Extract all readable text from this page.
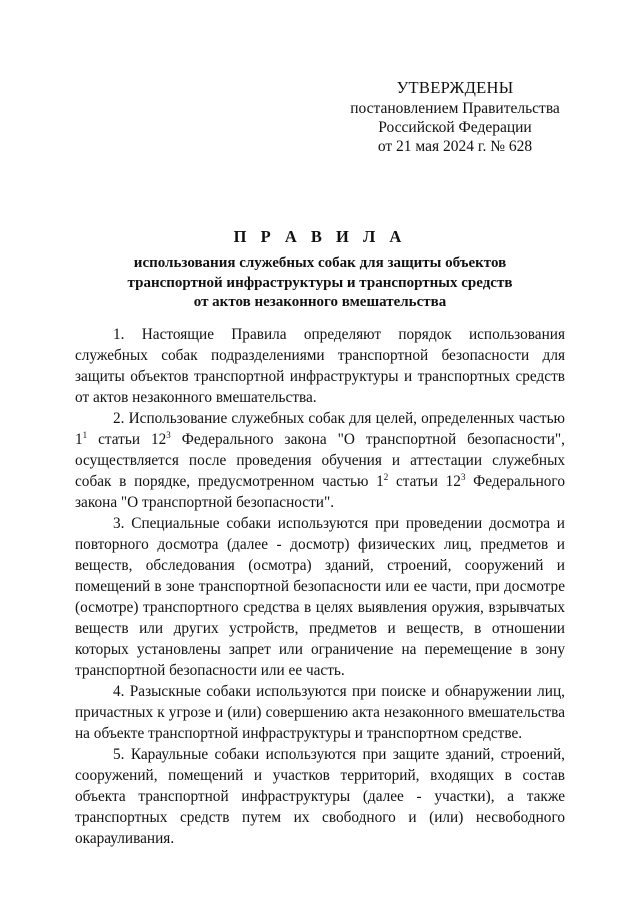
УТВЕРЖДЕНЫ
постановлением Правительства
Российской Федерации
от 21 мая 2024 г. № 628
П Р А В И Л А
использования служебных собак для защиты объектов
транспортной инфраструктуры и транспортных средств
от актов незаконного вмешательства

1. Настоящие Правила определяют порядок использования служебных собак подразделениями транспортной безопасности для защиты объектов транспортной инфраструктуры и транспортных средств от актов незаконного вмешательства.

2. Использование служебных собак для целей, определенных частью $1^1$ статьи $12^3$ Федерального закона "О транспортной безопасности", осуществляется после проведения обучения и аттестации служебных собак в порядке, предусмотренном частью $1^2$ статьи $12^3$ Федерального закона "О транспортной безопасности".

3. Специальные собаки используются при проведении досмотра и повторного досмотра (далее - досмотр) физических лиц, предметов и веществ, обследования (осмотра) зданий, строений, сооружений и помещений в зоне транспортной безопасности или ее части, при досмотре (осмотре) транспортного средства в целях выявления оружия, взрывчатых веществ или других устройств, предметов и веществ, в отношении которых установлены запрет или ограничение на перемещение в зону транспортной безопасности или ее часть.

4. Разыскные собаки используются при поиске и обнаружении лиц, причастных к угрозе и (или) совершению акта незаконного вмешательства на объекте транспортной инфраструктуры и транспортном средстве.

5. Караульные собаки используются при защите зданий, строений, сооружений, помещений и участков территорий, входящих в состав объекта транспортной инфраструктуры (далее - участки), а также транспортных средств путем их свободного и (или) несвободного окарауливания.
